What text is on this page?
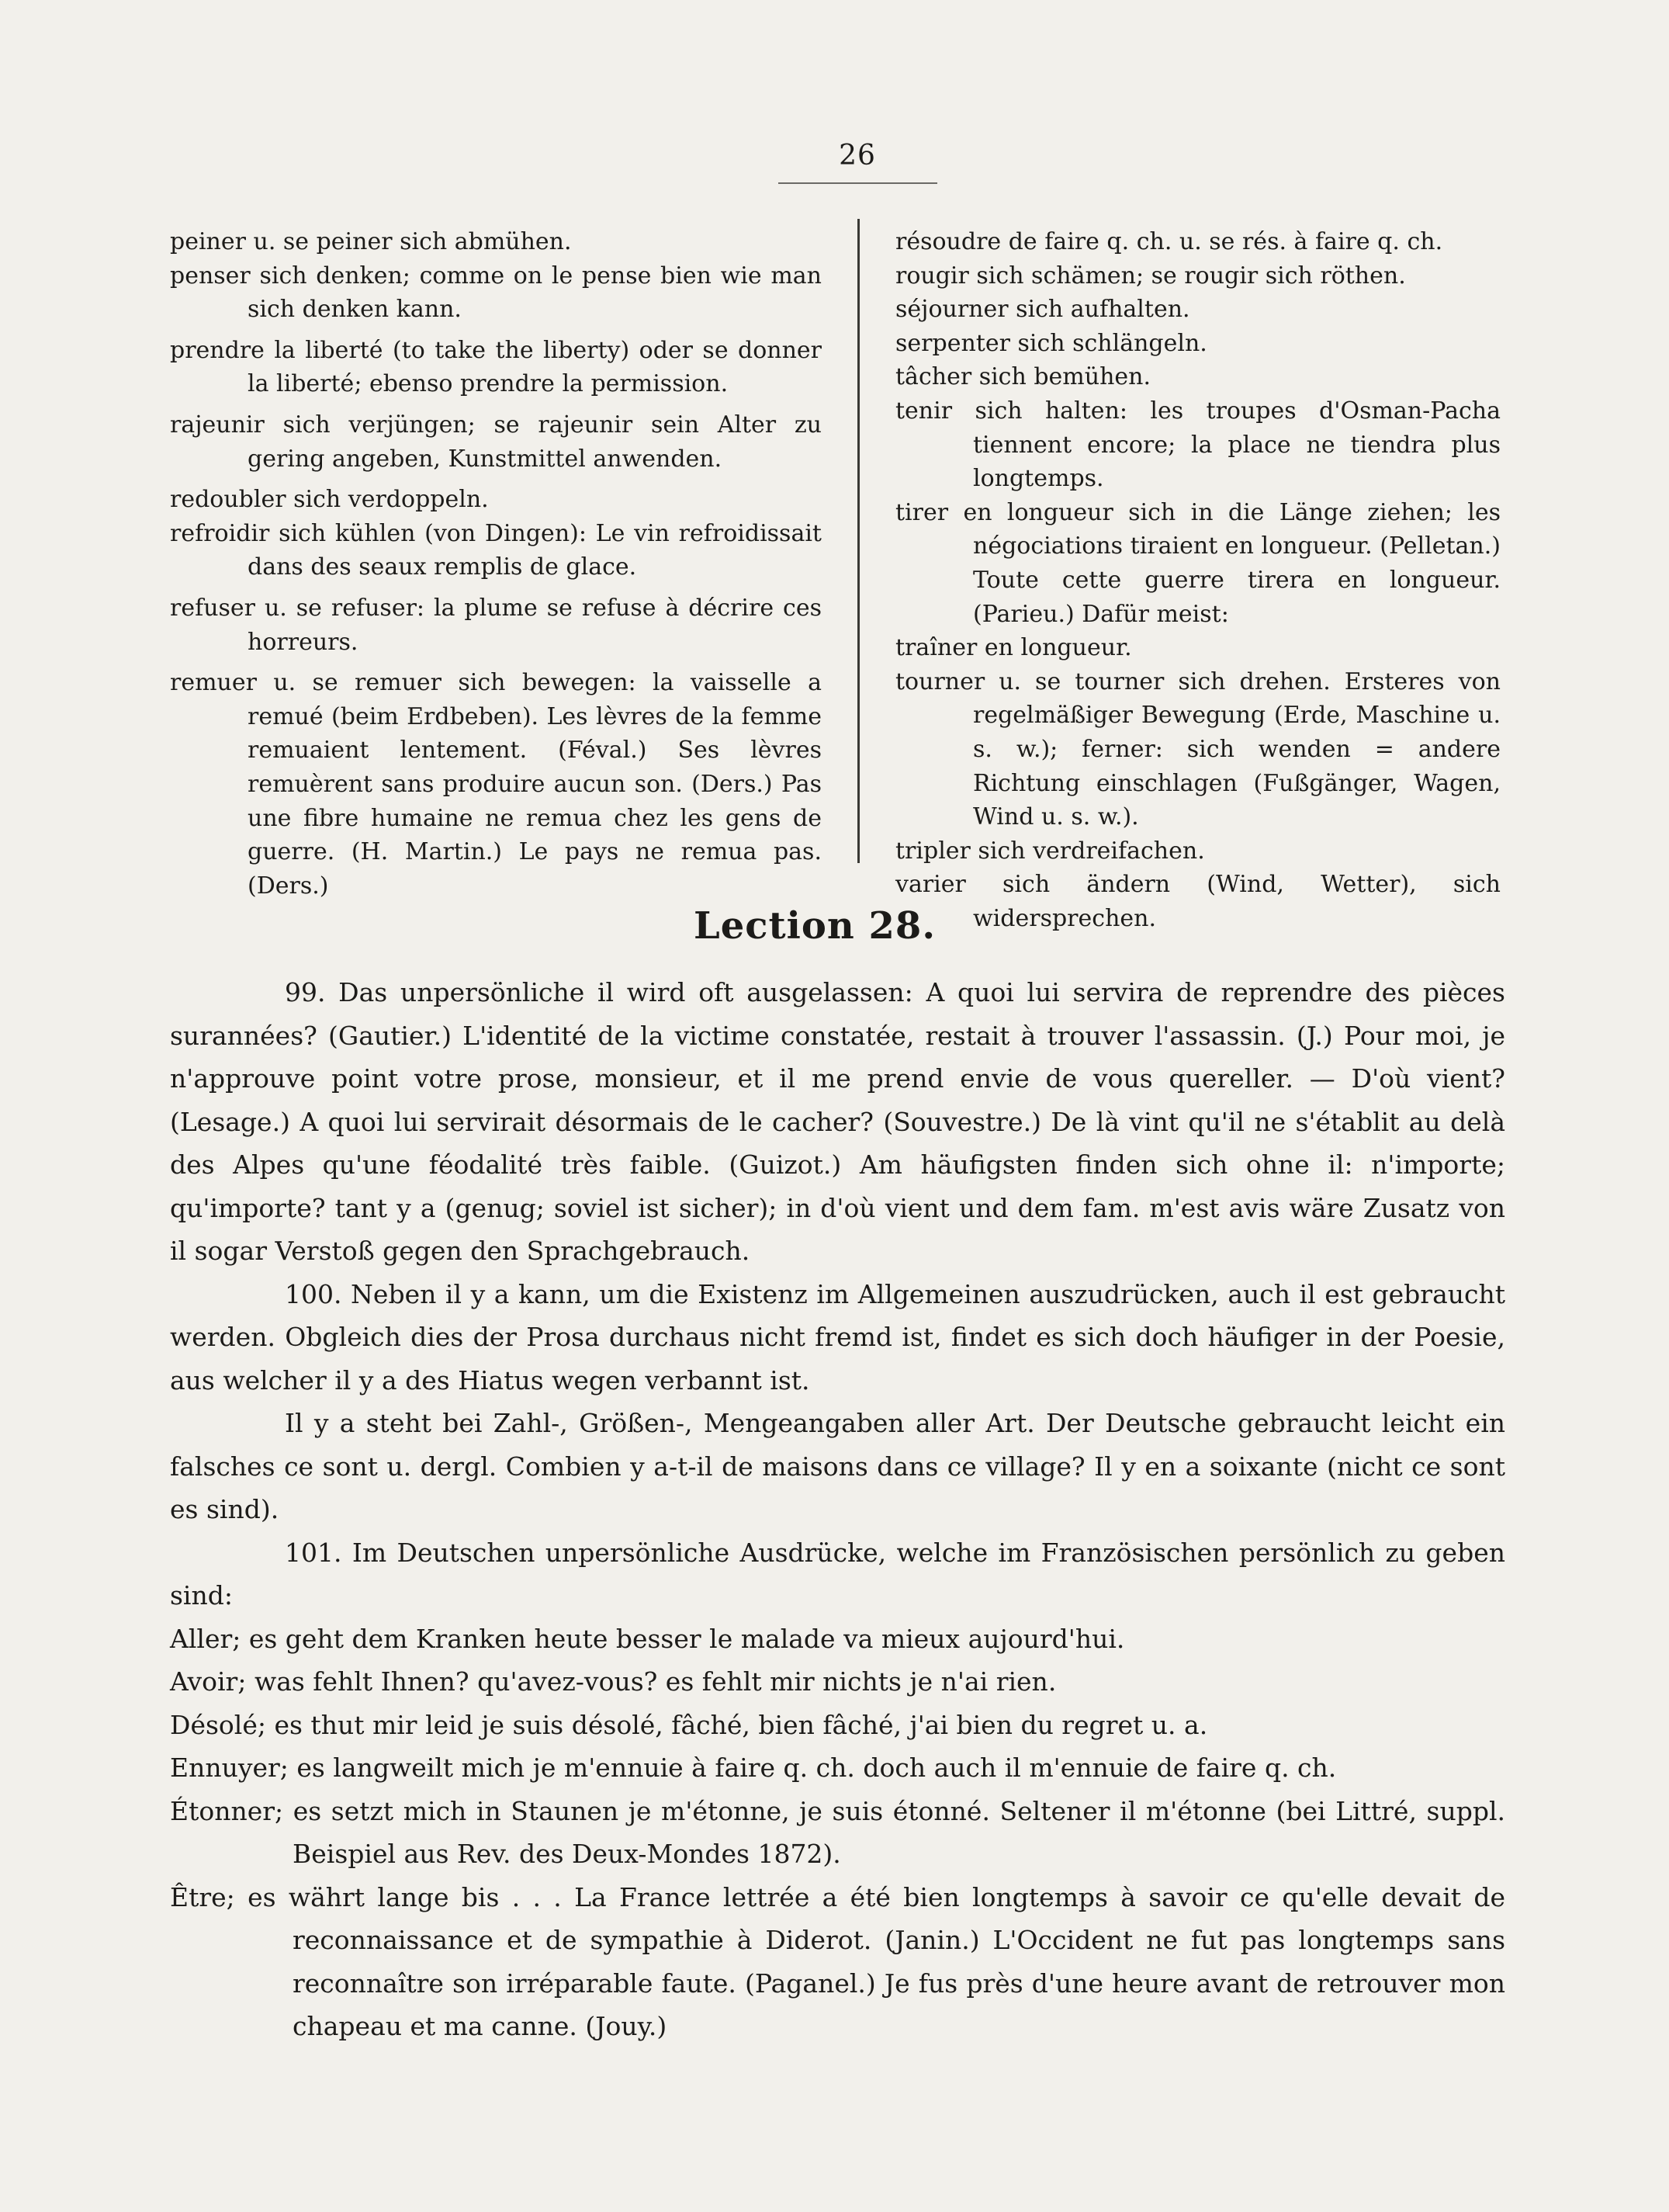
26
peiner u. se peiner sich abmühen.
penser sich denken; comme on le pense bien wie man sich denken kann.
prendre la liberté (to take the liberty) oder se donner la liberté; ebenso prendre la permission.
rajeunir sich verjüngen; se rajeunir sein Alter zu gering angeben, Kunstmittel anwenden.
redoubler sich verdoppeln.
refroidir sich kühlen (von Dingen): Le vin refroidissait dans des seaux remplis de glace.
refuser u. se refuser: la plume se refuse à décrire ces horreurs.
remuer u. se remuer sich bewegen: la vaisselle a remué (beim Erdbeben). Les lèvres de la femme remuaient lentement. (Féval.) Ses lèvres remuèrent sans produire aucun son. (Ders.) Pas une fibre humaine ne remua chez les gens de guerre. (H. Martin.) Le pays ne remua pas. (Ders.)
résoudre de faire q. ch. u. se rés. à faire q. ch.
rougir sich schämen; se rougir sich röthen.
séjourner sich aufhalten.
serpenter sich schlängeln.
tâcher sich bemühen.
tenir sich halten: les troupes d'Osman-Pacha tiennent encore; la place ne tiendra plus longtemps.
tirer en longueur sich in die Länge ziehen; les négociations tiraient en longueur. (Pelletan.) Toute cette guerre tirera en longueur. (Parieu.) Dafür meist:
traîner en longueur.
tourner u. se tourner sich drehen. Ersteres von regelmäßiger Bewegung (Erde, Maschine u. s. w.); ferner: sich wenden = andere Richtung einschlagen (Fußgänger, Wagen, Wind u. s. w.).
tripler sich verdreifachen.
varier sich ändern (Wind, Wetter), sich widersprechen.
Lection 28.
99. Das unpersönliche il wird oft ausgelassen: A quoi lui servira de reprendre des pièces surannées? (Gautier.) L'identité de la victime constatée, restait à trouver l'assassin. (J.) Pour moi, je n'approuve point votre prose, monsieur, et il me prend envie de vous quereller. — D'où vient? (Lesage.) A quoi lui servirait désormais de le cacher? (Souvestre.) De là vint qu'il ne s'établit au delà des Alpes qu'une féodalité très faible. (Guizot.) Am häufigsten finden sich ohne il: n'importe; qu'importe? tant y a (genug; soviel ist sicher); in d'où vient und dem fam. m'est avis wäre Zusatz von il sogar Verstoß gegen den Sprachgebrauch.
100. Neben il y a kann, um die Existenz im Allgemeinen auszudrücken, auch il est gebraucht werden. Obgleich dies der Prosa durchaus nicht fremd ist, findet es sich doch häufiger in der Poesie, aus welcher il y a des Hiatus wegen verbannt ist.
Il y a steht bei Zahl-, Größen-, Mengeangaben aller Art. Der Deutsche gebraucht leicht ein falsches ce sont u. dergl. Combien y a-t-il de maisons dans ce village? Il y en a soixante (nicht ce sont es sind).
101. Im Deutschen unpersönliche Ausdrücke, welche im Französischen persönlich zu geben sind:
Aller; es geht dem Kranken heute besser le malade va mieux aujourd'hui.
Avoir; was fehlt Ihnen? qu'avez-vous? es fehlt mir nichts je n'ai rien.
Désolé; es thut mir leid je suis désolé, fâché, bien fâché, j'ai bien du regret u. a.
Ennuyer; es langweilt mich je m'ennuie à faire q. ch. doch auch il m'ennuie de faire q. ch.
Étonner; es setzt mich in Staunen je m'étonne, je suis étonné. Seltener il m'étonne (bei Littré, suppl. Beispiel aus Rev. des Deux-Mondes 1872).
Être; es währt lange bis . . . La France lettrée a été bien longtemps à savoir ce qu'elle devait de reconnaissance et de sympathie à Diderot. (Janin.) L'Occident ne fut pas longtemps sans reconnaître son irréparable faute. (Paganel.) Je fus près d'une heure avant de retrouver mon chapeau et ma canne. (Jouy.)
